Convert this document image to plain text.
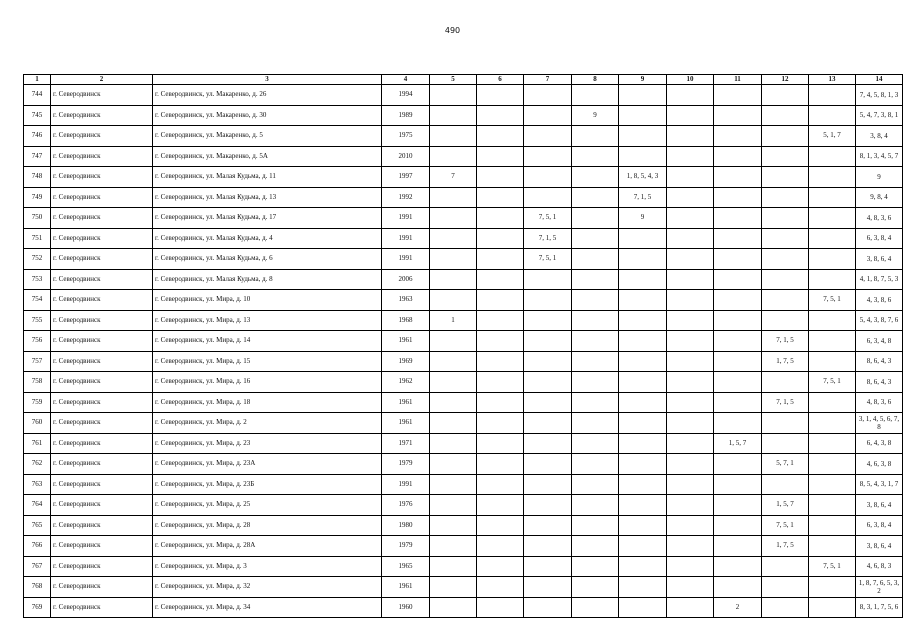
490
1	2	3	4	5	6	7	8	9	10	11	12	13	14
744	г. Северодвинск	г. Северодвинск, ул. Макаренко, д. 26	1994										7, 4, 5, 8, 1, 3
745	г. Северодвинск	г. Северодвинск, ул. Макаренко, д. 30	1989				9						5, 4, 7, 3, 8, 1
746	г. Северодвинск	г. Северодвинск, ул. Макаренко, д. 5	1975									5, 1, 7	3, 8, 4
747	г. Северодвинск	г. Северодвинск, ул. Макаренко, д. 5А	2010										8, 1, 3, 4, 5, 7
748	г. Северодвинск	г. Северодвинск, ул. Малая Кудьма, д. 11	1997	7				1, 8, 5, 4, 3					9
749	г. Северодвинск	г. Северодвинск, ул. Малая Кудьма, д. 13	1992					7, 1, 5					9, 8, 4
750	г. Северодвинск	г. Северодвинск, ул. Малая Кудьма, д. 17	1991			7, 5, 1		9					4, 8, 3, 6
751	г. Северодвинск	г. Северодвинск, ул. Малая Кудьма, д. 4	1991			7, 1, 5							6, 3, 8, 4
752	г. Северодвинск	г. Северодвинск, ул. Малая Кудьма, д. 6	1991			7, 5, 1							3, 8, 6, 4
753	г. Северодвинск	г. Северодвинск, ул. Малая Кудьма, д. 8	2006										4, 1, 8, 7, 5, 3
754	г. Северодвинск	г. Северодвинск, ул. Мира, д. 10	1963									7, 5, 1	4, 3, 8, 6
755	г. Северодвинск	г. Северодвинск, ул. Мира, д. 13	1968	1									5, 4, 3, 8, 7, 6
756	г. Северодвинск	г. Северодвинск, ул. Мира, д. 14	1961								7, 1, 5		6, 3, 4, 8
757	г. Северодвинск	г. Северодвинск, ул. Мира, д. 15	1969								1, 7, 5		8, 6, 4, 3
758	г. Северодвинск	г. Северодвинск, ул. Мира, д. 16	1962									7, 5, 1	8, 6, 4, 3
759	г. Северодвинск	г. Северодвинск, ул. Мира, д. 18	1961								7, 1, 5		4, 8, 3, 6
760	г. Северодвинск	г. Северодвинск, ул. Мира, д. 2	1961										3, 1, 4, 5, 6, 7, 8
761	г. Северодвинск	г. Северодвинск, ул. Мира, д. 23	1971							1, 5, 7			6, 4, 3, 8
762	г. Северодвинск	г. Северодвинск, ул. Мира, д. 23А	1979								5, 7, 1		4, 6, 3, 8
763	г. Северодвинск	г. Северодвинск, ул. Мира, д. 23Б	1991										8, 5, 4, 3, 1, 7
764	г. Северодвинск	г. Северодвинск, ул. Мира, д. 25	1976								1, 5, 7		3, 8, 6, 4
765	г. Северодвинск	г. Северодвинск, ул. Мира, д. 28	1980								7, 5, 1		6, 3, 8, 4
766	г. Северодвинск	г. Северодвинск, ул. Мира, д. 28А	1979								1, 7, 5		3, 8, 6, 4
767	г. Северодвинск	г. Северодвинск, ул. Мира, д. 3	1965									7, 5, 1	4, 6, 8, 3
768	г. Северодвинск	г. Северодвинск, ул. Мира, д. 32	1961										1, 8, 7, 6, 5, 3, 2
769	г. Северодвинск	г. Северодвинск, ул. Мира, д. 34	1960							2			8, 3, 1, 7, 5, 6
